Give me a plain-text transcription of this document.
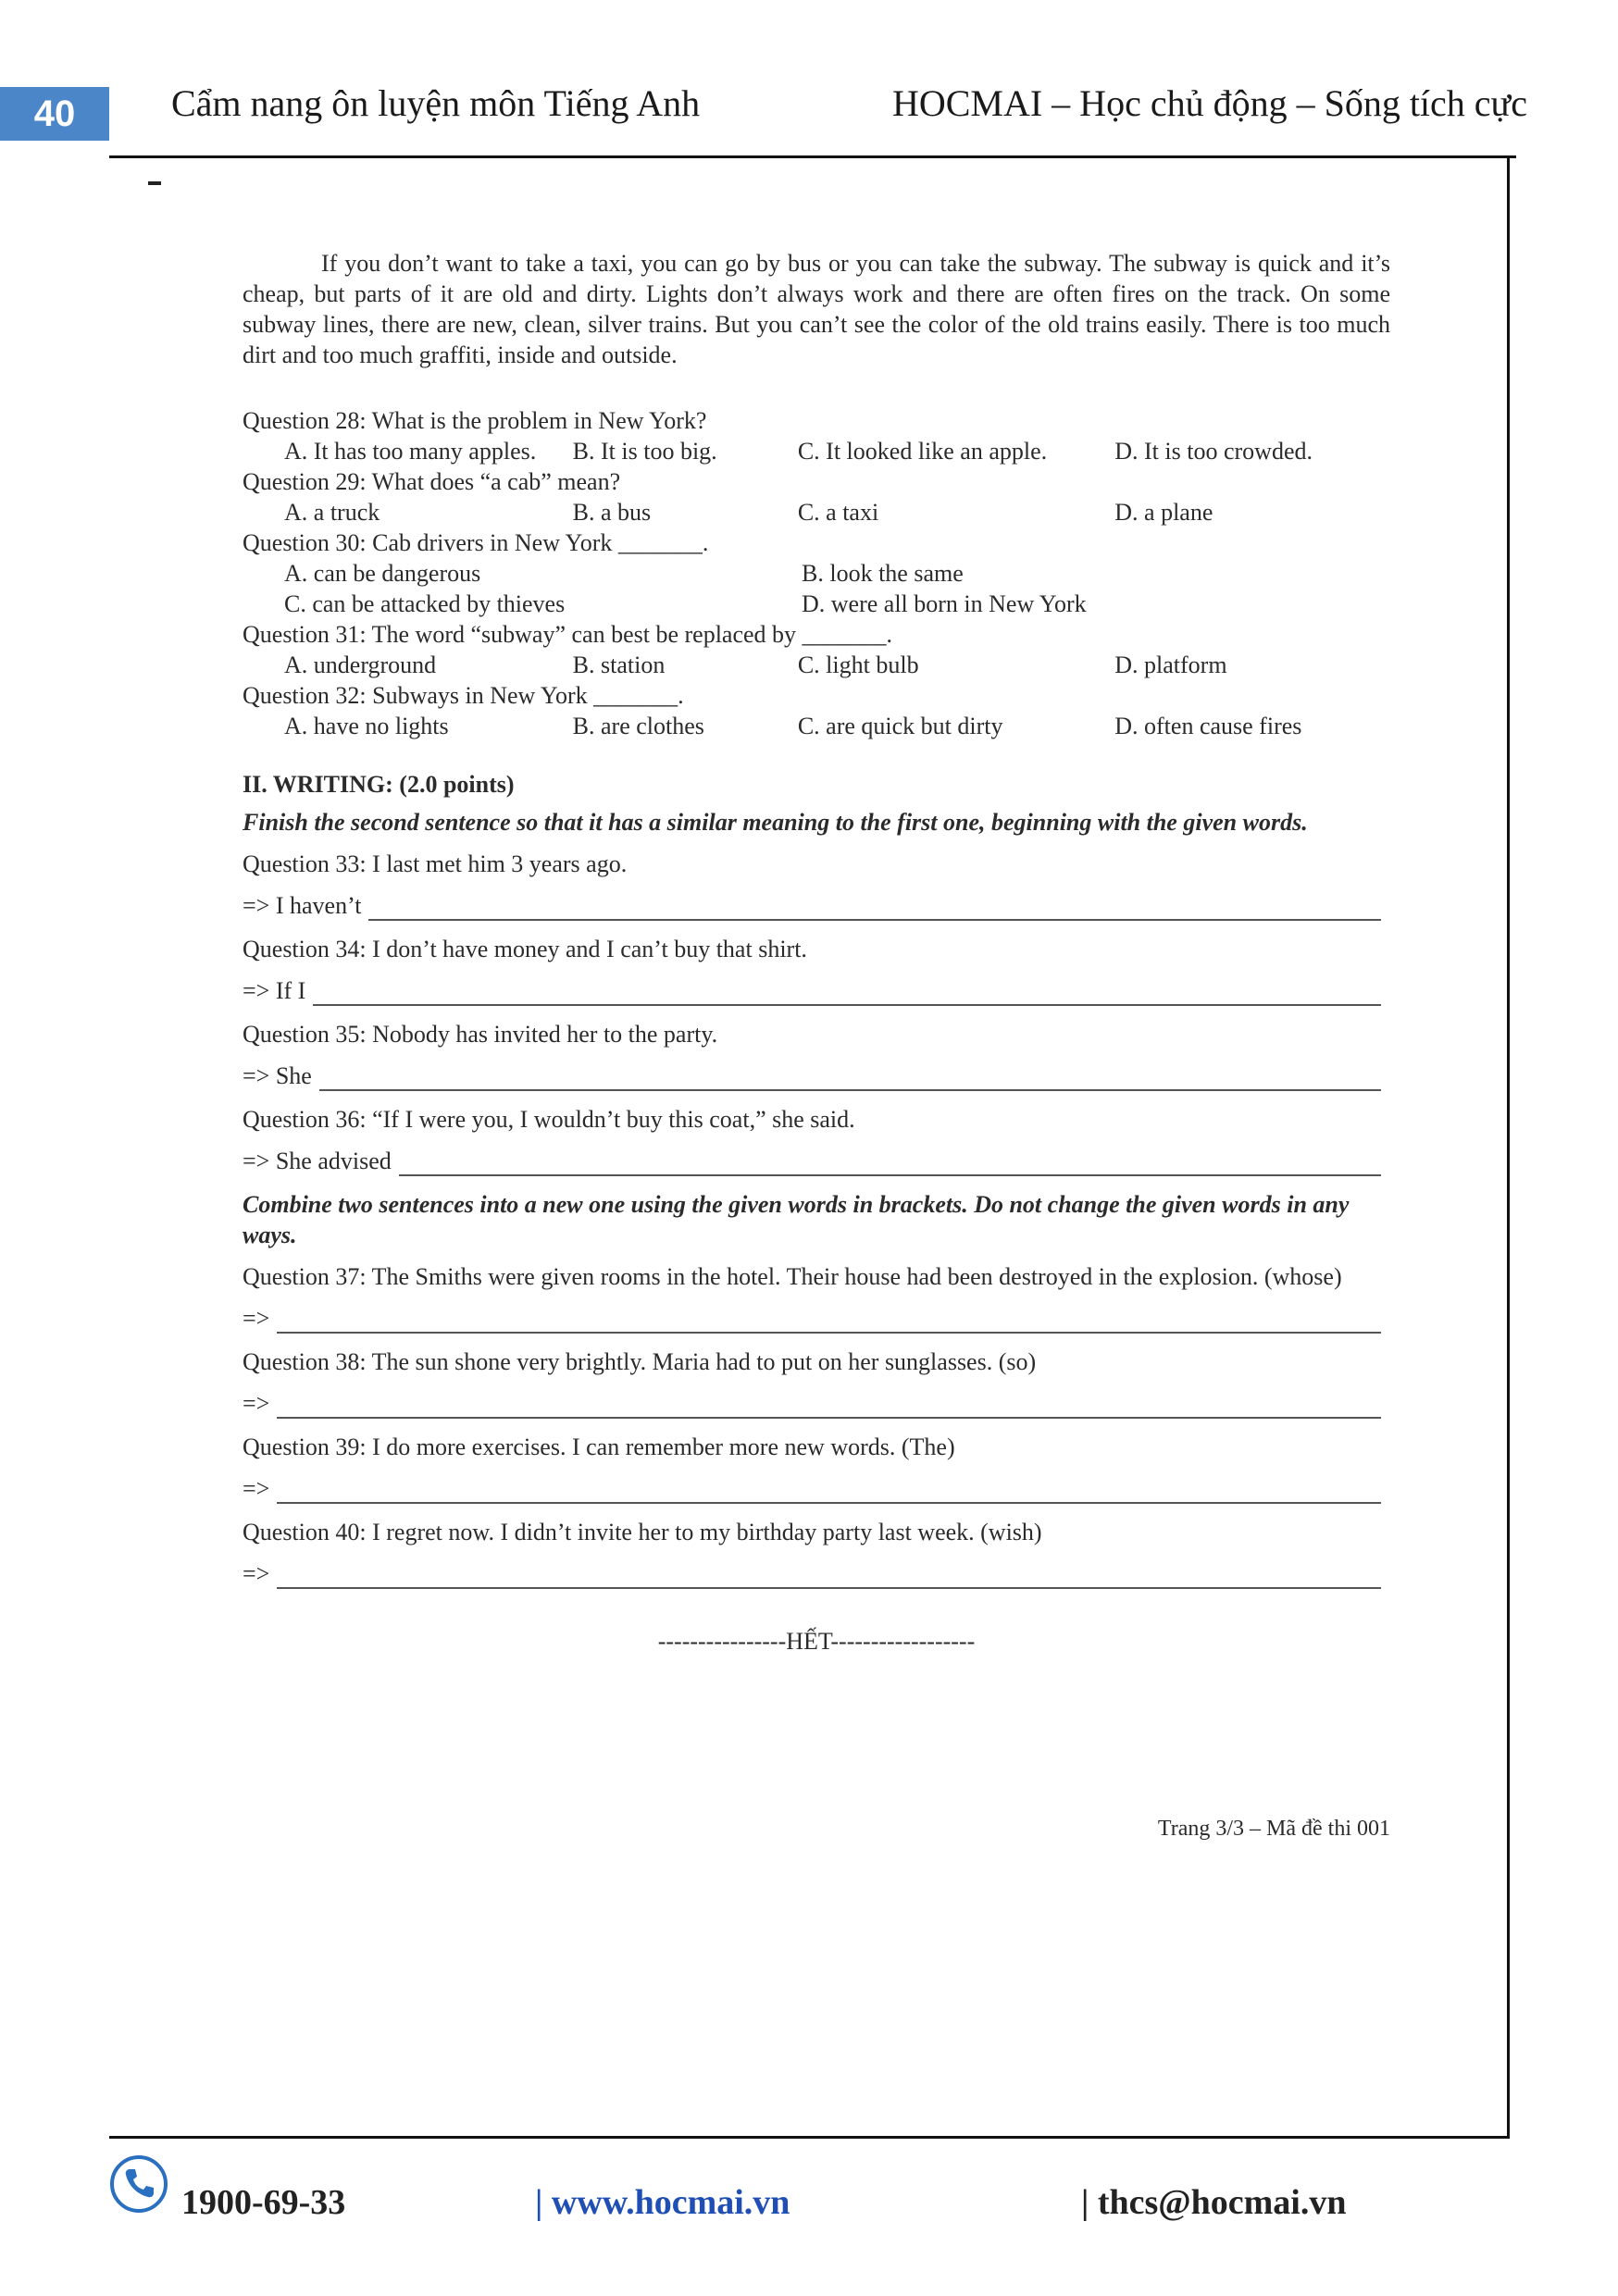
40	Cẩm nang ôn luyện môn Tiếng Anh	HOCMAI – Học chủ động – Sống tích cực

If you don’t want to take a taxi, you can go by bus or you can take the subway. The subway is quick and it’s cheap, but parts of it are old and dirty. Lights don’t always work and there are often fires on the track. On some subway lines, there are new, clean, silver trains. But you can’t see the color of the old trains easily. There is too much dirt and too much graffiti, inside and outside.

Question 28: What is the problem in New York?

A. It has too many apples.	B. It is too big.	C. It looked like an apple.	D. It is too crowded.

Question 29: What does “a cab” mean?

A. a truck	B. a bus	C. a taxi	D. a plane

Question 30: Cab drivers in New York _______.

A. can be dangerous	B. look the same
C. can be attacked by thieves	D. were all born in New York

Question 31: The word “subway” can best be replaced by _______.

A. underground	B. station	C. light bulb	D. platform

Question 32: Subways in New York _______.

A. have no lights	B. are clothes	C. are quick but dirty	D. often cause fires

II. WRITING: (2.0 points)

Finish the second sentence so that it has a similar meaning to the first one, beginning with the given words.

Question 33: I last met him 3 years ago.

=> I haven’t

Question 34: I don’t have money and I can’t buy that shirt.

=> If I

Question 35: Nobody has invited her to the party.

=> She

Question 36: “If I were you, I wouldn’t buy this coat,” she said.

=> She advised

Combine two sentences into a new one using the given words in brackets. Do not change the given words in any ways.

Question 37: The Smiths were given rooms in the hotel. Their house had been destroyed in the explosion. (whose)

=>

Question 38: The sun shone very brightly. Maria had to put on her sunglasses. (so)

=>

Question 39: I do more exercises. I can remember more new words. (The)

=>

Question 40: I regret now. I didn’t invite her to my birthday party last week. (wish)

=>

----------------HẾT------------------

Trang 3/3 – Mã đề thi 001
1900-69-33	| www.hocmai.vn	| thcs@hocmai.vn
